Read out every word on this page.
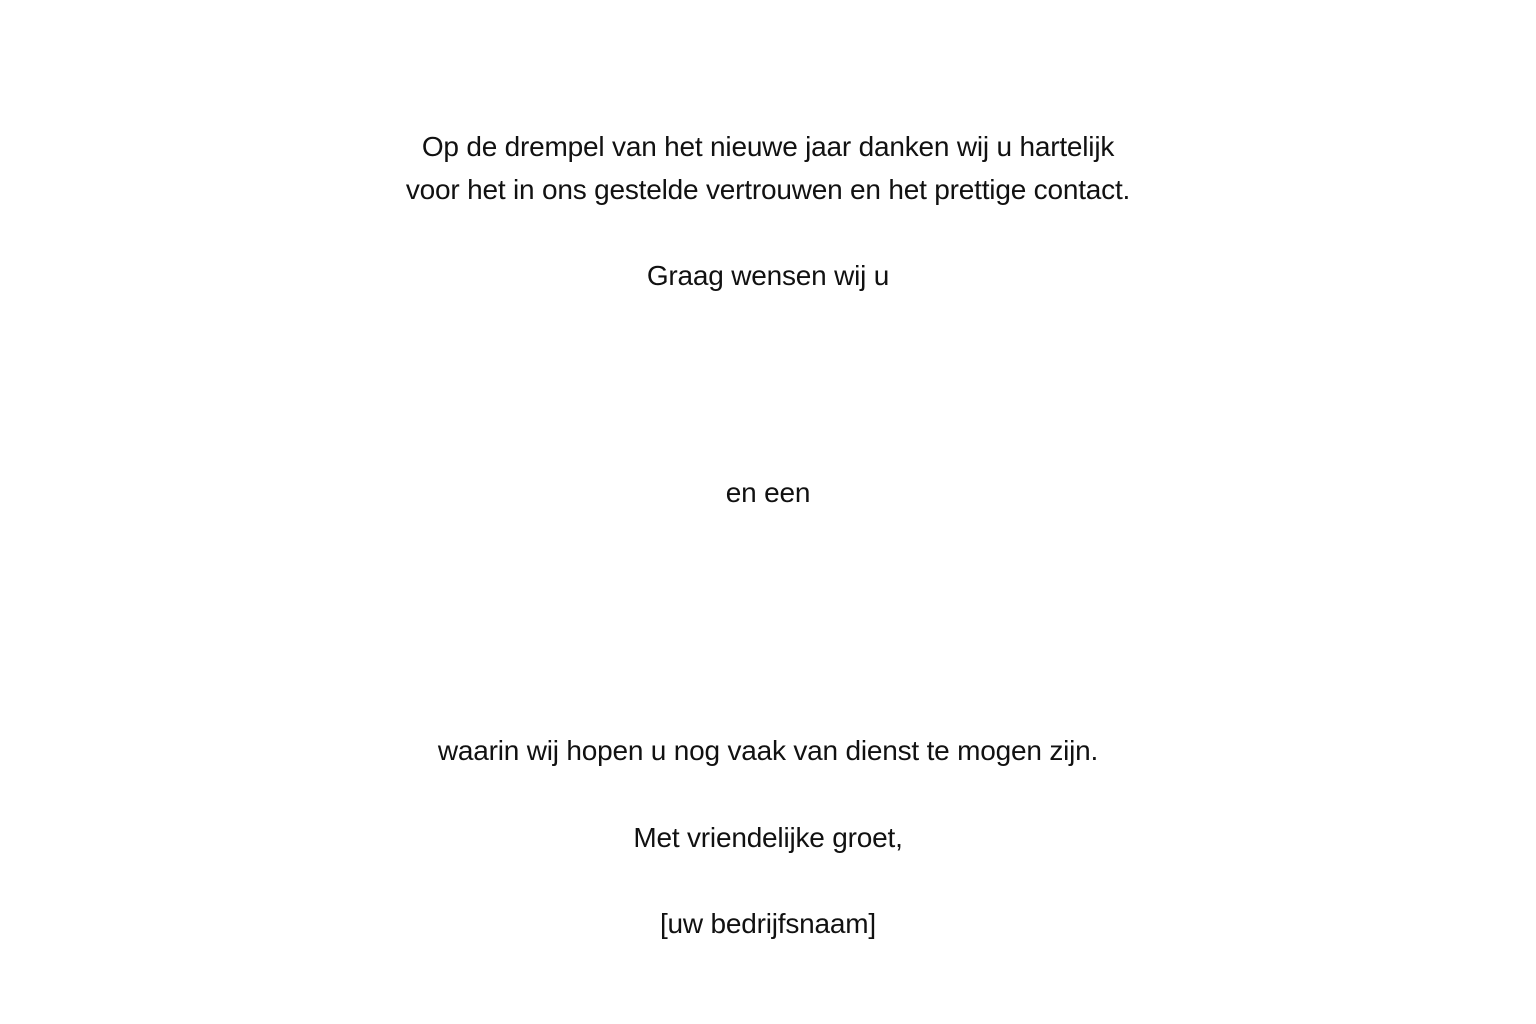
Op de drempel van het nieuwe jaar danken wij u hartelijk
voor het in ons gestelde vertrouwen en het prettige contact.
Graag wensen wij u
en een
waarin wij hopen u nog vaak van dienst te mogen zijn.
Met vriendelijke groet,
[uw bedrijfsnaam]
